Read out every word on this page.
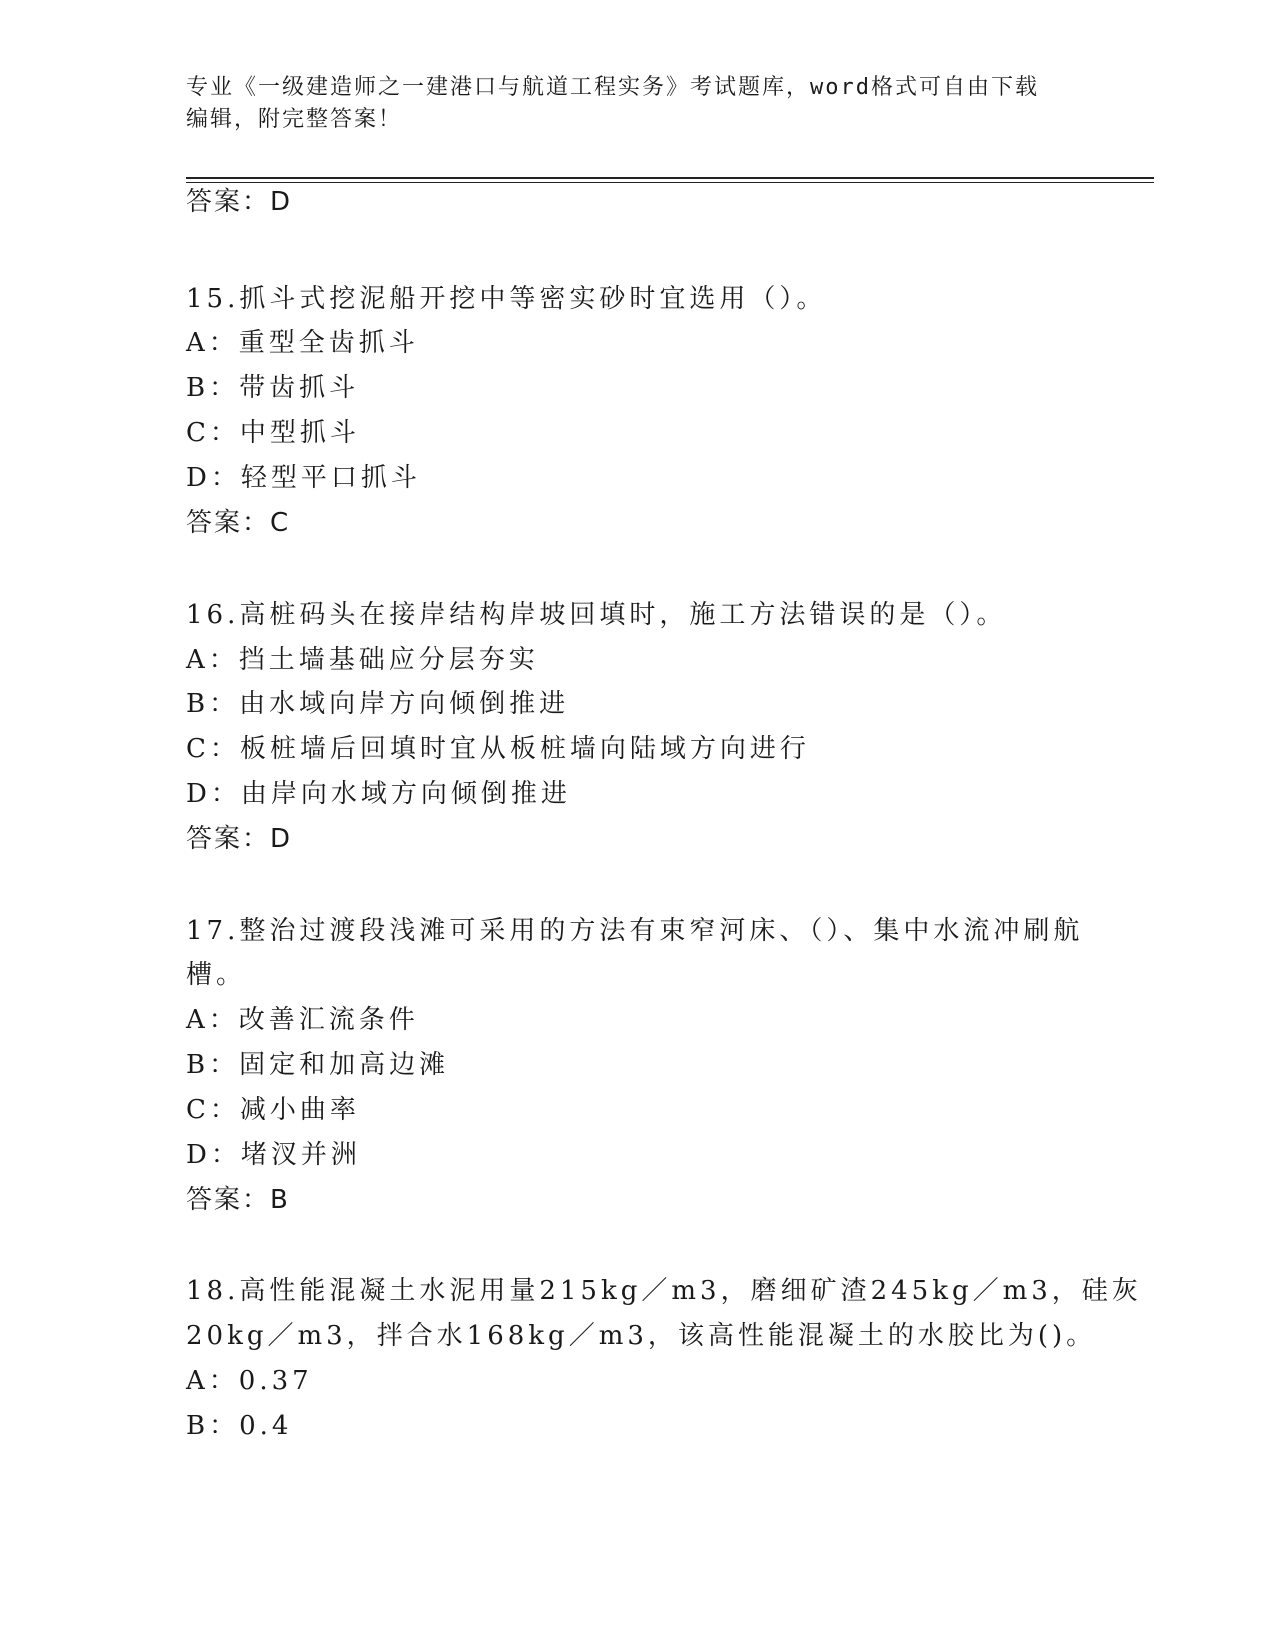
专业《一级建造师之一建港口与航道工程实务》考试题库，word格式可自由下载
编辑，附完整答案！
答案：D
15.抓斗式挖泥船开挖中等密实砂时宜选用（）。
A：重型全齿抓斗
B：带齿抓斗
C：中型抓斗
D：轻型平口抓斗
答案：C
16.高桩码头在接岸结构岸坡回填时，施工方法错误的是（）。
A：挡土墙基础应分层夯实
B：由水域向岸方向倾倒推进
C：板桩墙后回填时宜从板桩墙向陆域方向进行
D：由岸向水域方向倾倒推进
答案：D
17.整治过渡段浅滩可采用的方法有束窄河床、（）、集中水流冲刷航
槽。
A：改善汇流条件
B：固定和加高边滩
C：减小曲率
D：堵汊并洲
答案：B
18.高性能混凝土水泥用量215kg／m3，磨细矿渣245kg／m3，硅灰
20kg／m3，拌合水168kg／m3，该高性能混凝土的水胶比为()。
A：0.37
B：0.4
